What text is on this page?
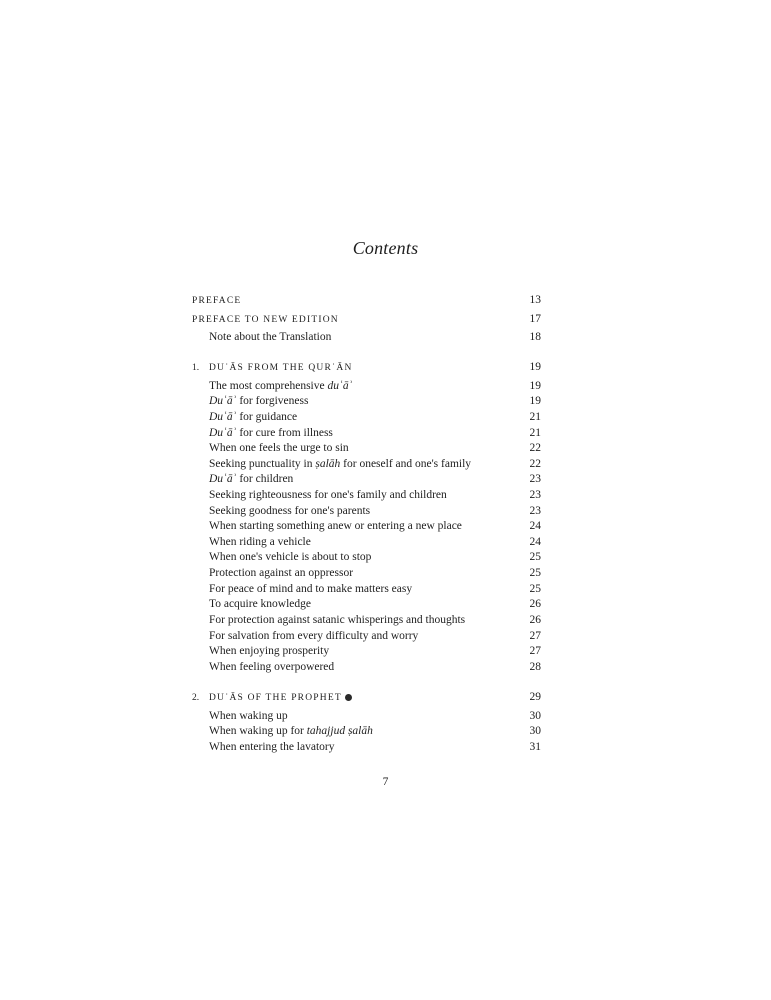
Contents
PREFACE	13
PREFACE TO NEW EDITION	17
Note about the Translation	18
1. DUʿĀS FROM THE QURʾĀN	19
The most comprehensive duʿāʾ	19
Duʿāʾ for forgiveness	19
Duʿāʾ for guidance	21
Duʿāʾ for cure from illness	21
When one feels the urge to sin	22
Seeking punctuality in ṣalāh for oneself and one's family	22
Duʿāʾ for children	23
Seeking righteousness for one's family and children	23
Seeking goodness for one's parents	23
When starting something anew or entering a new place	24
When riding a vehicle	24
When one's vehicle is about to stop	25
Protection against an oppressor	25
For peace of mind and to make matters easy	25
To acquire knowledge	26
For protection against satanic whisperings and thoughts	26
For salvation from every difficulty and worry	27
When enjoying prosperity	27
When feeling overpowered	28
2. DUʿĀS OF THE PROPHET	29
When waking up	30
When waking up for tahajjud ṣalāh	30
When entering the lavatory	31
7
